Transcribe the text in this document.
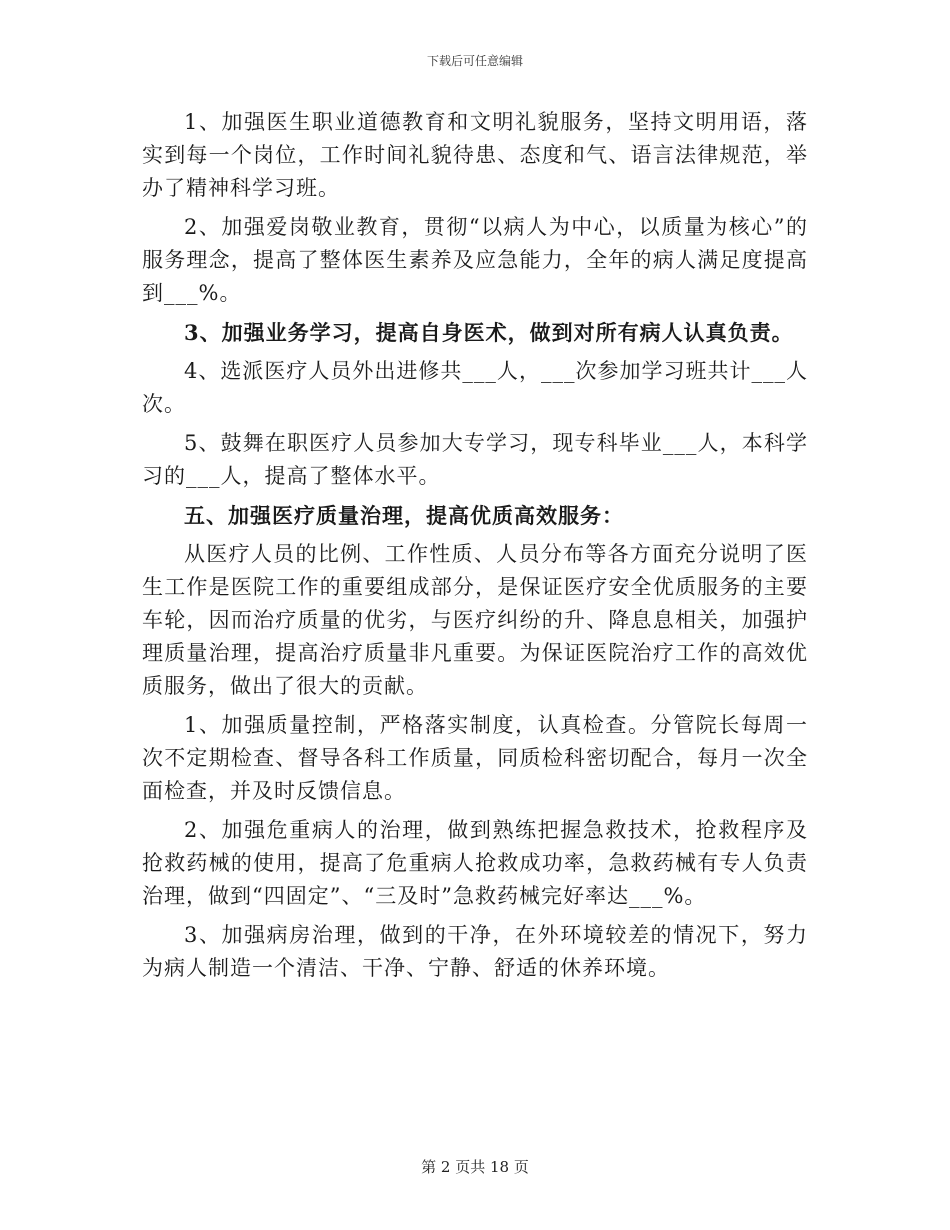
下载后可任意编辑

1、加强医生职业道德教育和文明礼貌服务，坚持文明用语，落实到每一个岗位，工作时间礼貌待患、态度和气、语言法律规范，举办了精神科学习班。

2、加强爱岗敬业教育，贯彻“以病人为中心，以质量为核心”的服务理念，提高了整体医生素养及应急能力，全年的病人满足度提高到___%。

3、加强业务学习，提高自身医术，做到对所有病人认真负责。

4、选派医疗人员外出进修共___人，___次参加学习班共计___人次。

5、鼓舞在职医疗人员参加大专学习，现专科毕业___人，本科学习的___人，提高了整体水平。

五、加强医疗质量治理，提高优质高效服务：

从医疗人员的比例、工作性质、人员分布等各方面充分说明了医生工作是医院工作的重要组成部分，是保证医疗安全优质服务的主要车轮，因而治疗质量的优劣，与医疗纠纷的升、降息息相关，加强护理质量治理，提高治疗质量非凡重要。为保证医院治疗工作的高效优质服务，做出了很大的贡献。

1、加强质量控制，严格落实制度，认真检查。分管院长每周一次不定期检查、督导各科工作质量，同质检科密切配合，每月一次全面检查，并及时反馈信息。

2、加强危重病人的治理，做到熟练把握急救技术，抢救程序及抢救药械的使用，提高了危重病人抢救成功率，急救药械有专人负责治理，做到“四固定”、“三及时”急救药械完好率达___%。

3、加强病房治理，做到的干净，在外环境较差的情况下，努力为病人制造一个清洁、干净、宁静、舒适的休养环境。

第 2 页共 18 页
